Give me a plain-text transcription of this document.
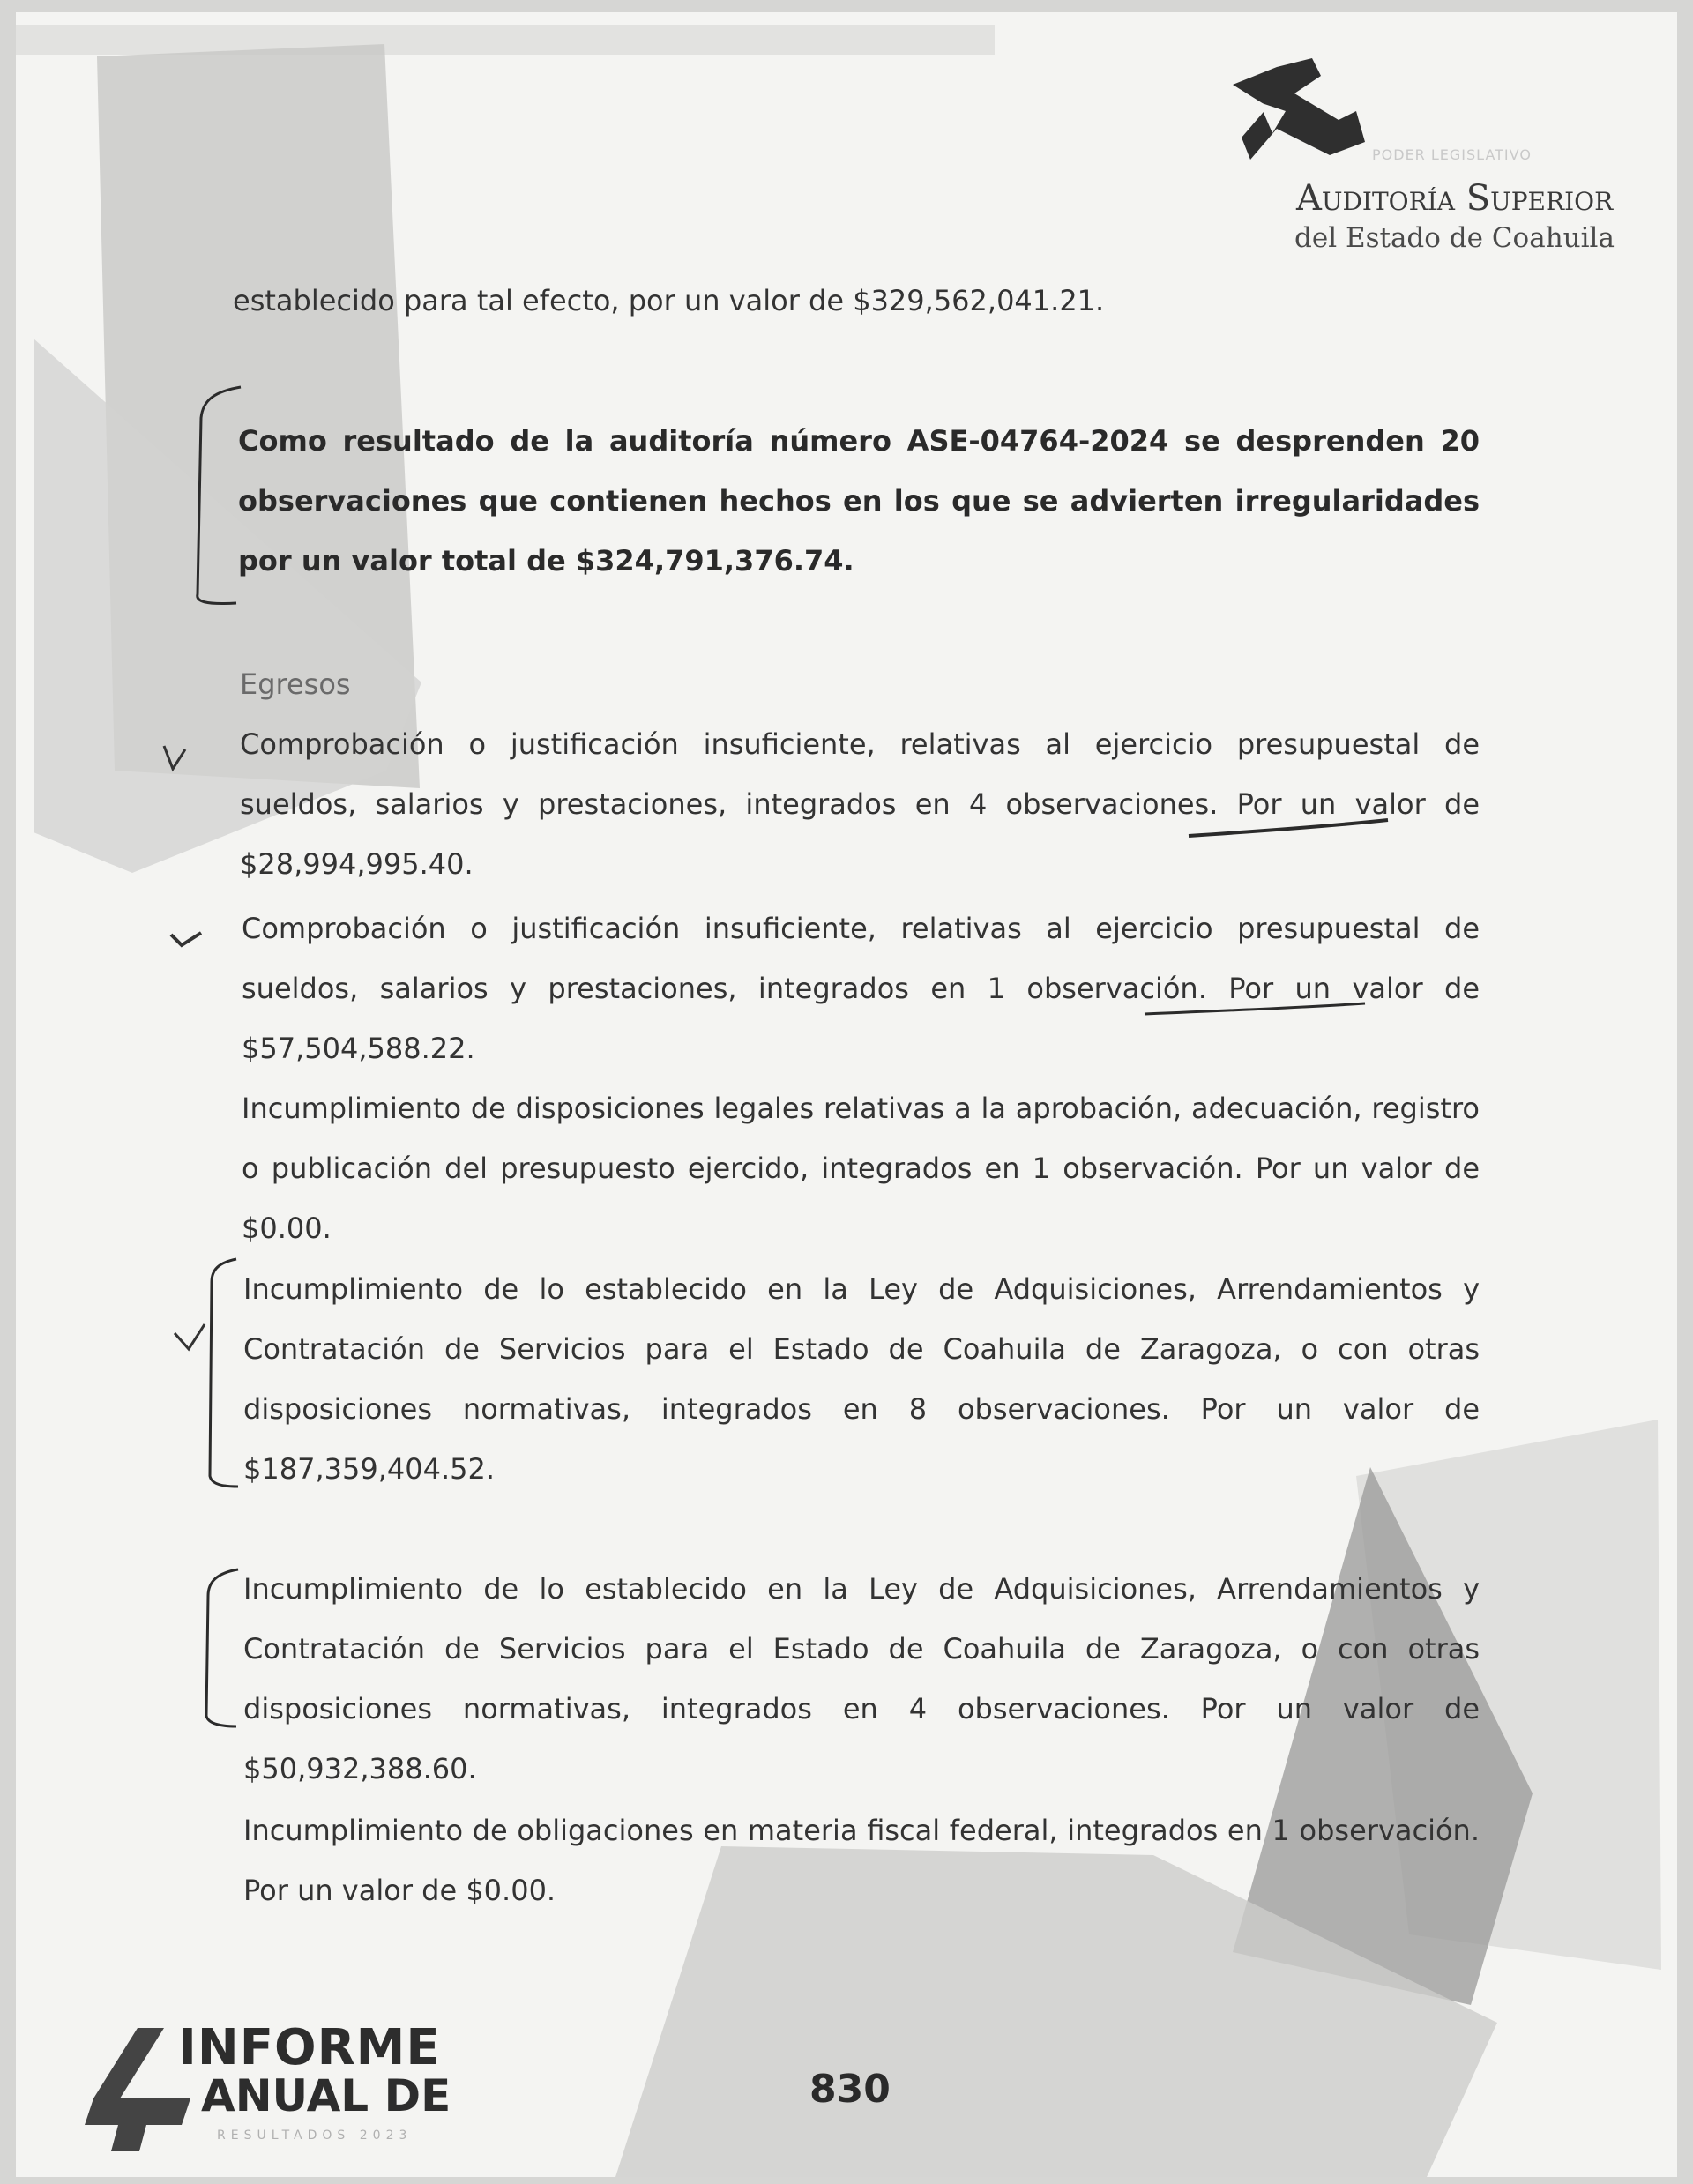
PODER LEGISLATIVO
Auditoría Superior
del Estado de Coahuila
establecido para tal efecto, por un valor de $329,562,041.21.
Como resultado de la auditoría número ASE-04764-2024 se desprenden 20 observaciones que contienen hechos en los que se advierten irregularidades por un valor total de $324,791,376.74.
Egresos
Comprobación o justificación insuficiente, relativas al ejercicio presupuestal de sueldos, salarios y prestaciones, integrados en 4 observaciones. Por un valor de $28,994,995.40.
Comprobación o justificación insuficiente, relativas al ejercicio presupuestal de sueldos, salarios y prestaciones, integrados en 1 observación. Por un valor de $57,504,588.22.
Incumplimiento de disposiciones legales relativas a la aprobación, adecuación, registro o publicación del presupuesto ejercido, integrados en 1 observación. Por un valor de $0.00.
Incumplimiento de lo establecido en la Ley de Adquisiciones, Arrendamientos y Contratación de Servicios para el Estado de Coahuila de Zaragoza, o con otras disposiciones normativas, integrados en 8 observaciones. Por un valor de $187,359,404.52.
Incumplimiento de lo establecido en la Ley de Adquisiciones, Arrendamientos y Contratación de Servicios para el Estado de Coahuila de Zaragoza, o con otras disposiciones normativas, integrados en 4 observaciones. Por un valor de $50,932,388.60.
Incumplimiento de obligaciones en materia fiscal federal, integrados en 1 observación. Por un valor de $0.00.
INFORME
ANUAL DE
RESULTADOS 2023
830
